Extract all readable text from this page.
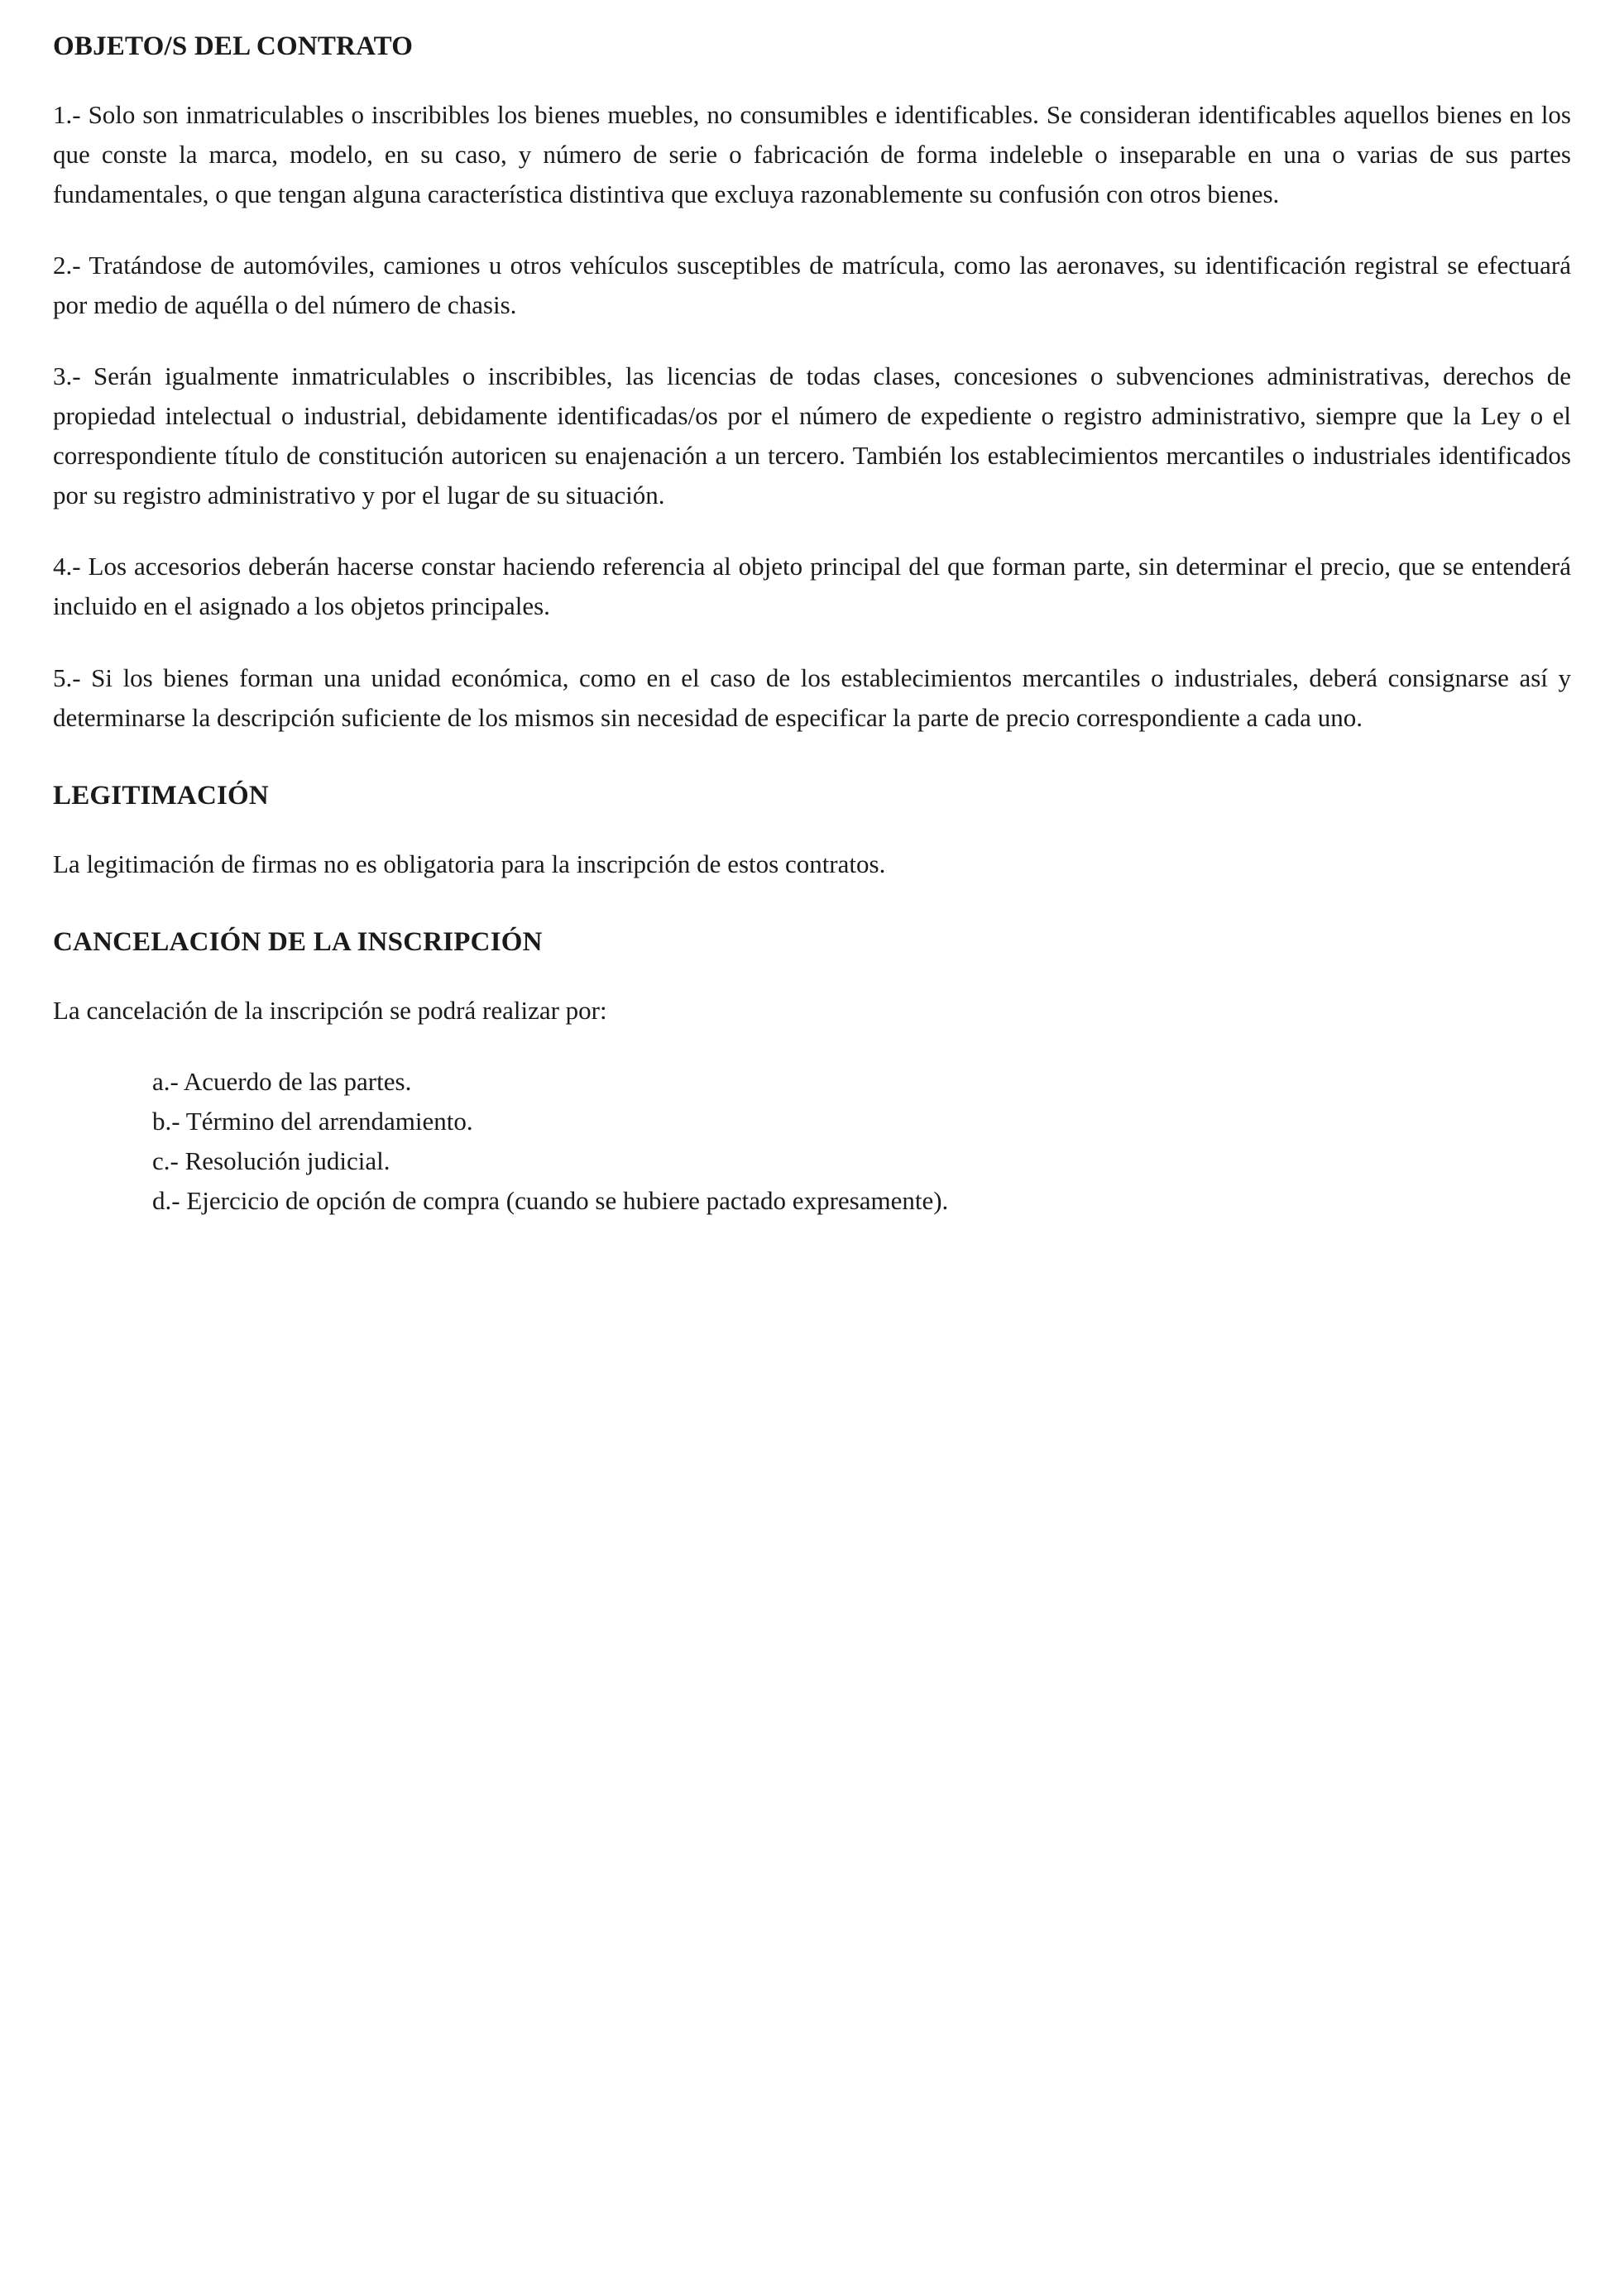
OBJETO/S DEL CONTRATO

1.- Solo son inmatriculables o inscribibles los bienes muebles, no consumibles e identificables. Se consideran identificables aquellos bienes en los que conste la marca, modelo, en su caso, y número de serie o fabricación de forma indeleble o inseparable en una o varias de sus partes fundamentales, o que tengan alguna característica distintiva que excluya razonablemente su confusión con otros bienes.

2.- Tratándose de automóviles, camiones u otros vehículos susceptibles de matrícula, como las aeronaves, su identificación registral se efectuará por medio de aquélla o del número de chasis.

3.- Serán igualmente inmatriculables o inscribibles, las licencias de todas clases, concesiones o subvenciones administrativas, derechos de propiedad intelectual o industrial, debidamente identificadas/os por el número de expediente o registro administrativo, siempre que la Ley o el correspondiente título de constitución autoricen su enajenación a un tercero. También los establecimientos mercantiles o industriales identificados por su registro administrativo y por el lugar de su situación.

4.- Los accesorios deberán hacerse constar haciendo referencia al objeto principal del que forman parte, sin determinar el precio, que se entenderá incluido en el asignado a los objetos principales.

5.- Si los bienes forman una unidad económica, como en el caso de los establecimientos mercantiles o industriales, deberá consignarse así y determinarse la descripción suficiente de los mismos sin necesidad de especificar la parte de precio correspondiente a cada uno.

LEGITIMACIÓN

La legitimación de firmas no es obligatoria para la inscripción de estos contratos.

CANCELACIÓN DE LA INSCRIPCIÓN

La cancelación de la inscripción se podrá realizar por:

a.- Acuerdo de las partes.

b.- Término del arrendamiento.

c.- Resolución judicial.

d.- Ejercicio de opción de compra (cuando se hubiere pactado expresamente).
